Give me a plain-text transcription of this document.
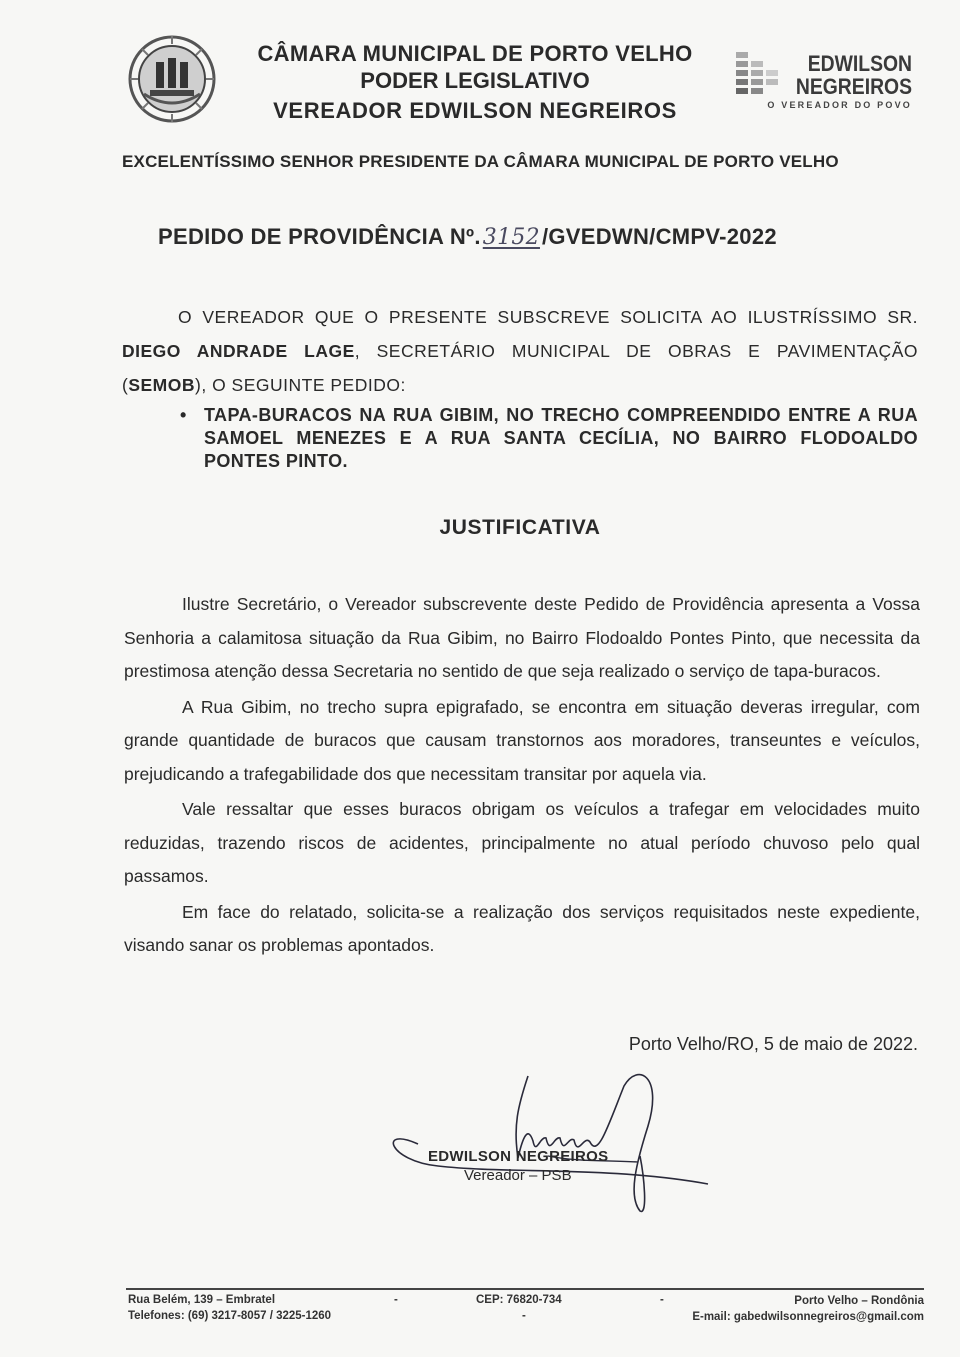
CÂMARA MUNICIPAL DE PORTO VELHO
PODER LEGISLATIVO
VEREADOR EDWILSON NEGREIROS
EDWILSON
NEGREIROS
O VEREADOR DO POVO
EXCELENTÍSSIMO SENHOR PRESIDENTE DA CÂMARA MUNICIPAL DE PORTO VELHO
PEDIDO DE PROVIDÊNCIA Nº.3152/GVEDWN/CMPV-2022
O VEREADOR QUE O PRESENTE SUBSCREVE SOLICITA AO ILUSTRÍSSIMO SR. DIEGO ANDRADE LAGE, SECRETÁRIO MUNICIPAL DE OBRAS E PAVIMENTAÇÃO (SEMOB), O SEGUINTE PEDIDO:
• TAPA-BURACOS NA RUA GIBIM, NO TRECHO COMPREENDIDO ENTRE A RUA SAMOEL MENEZES E A RUA SANTA CECÍLIA, NO BAIRRO FLODOALDO PONTES PINTO.
JUSTIFICATIVA

Ilustre Secretário, o Vereador subscrevente deste Pedido de Providência apresenta a Vossa Senhoria a calamitosa situação da Rua Gibim, no Bairro Flodoaldo Pontes Pinto, que necessita da prestimosa atenção dessa Secretaria no sentido de que seja realizado o serviço de tapa-buracos.

A Rua Gibim, no trecho supra epigrafado, se encontra em situação deveras irregular, com grande quantidade de buracos que causam transtornos aos moradores, transeuntes e veículos, prejudicando a trafegabilidade dos que necessitam transitar por aquela via.

Vale ressaltar que esses buracos obrigam os veículos a trafegar em velocidades muito reduzidas, trazendo riscos de acidentes, principalmente no atual período chuvoso pelo qual passamos.

Em face do relatado, solicita-se a realização dos serviços requisitados neste expediente, visando sanar os problemas apontados.

Porto Velho/RO, 5 de maio de 2022.
EDWILSON NEGREIROS
Vereador – PSB
Rua Belém, 139 – Embratel
Telefones: (69) 3217-8057 / 3225-1260
-	CEP: 76820-734
-
-	Porto Velho – Rondônia
E-mail: gabedwilsonnegreiros@gmail.com
